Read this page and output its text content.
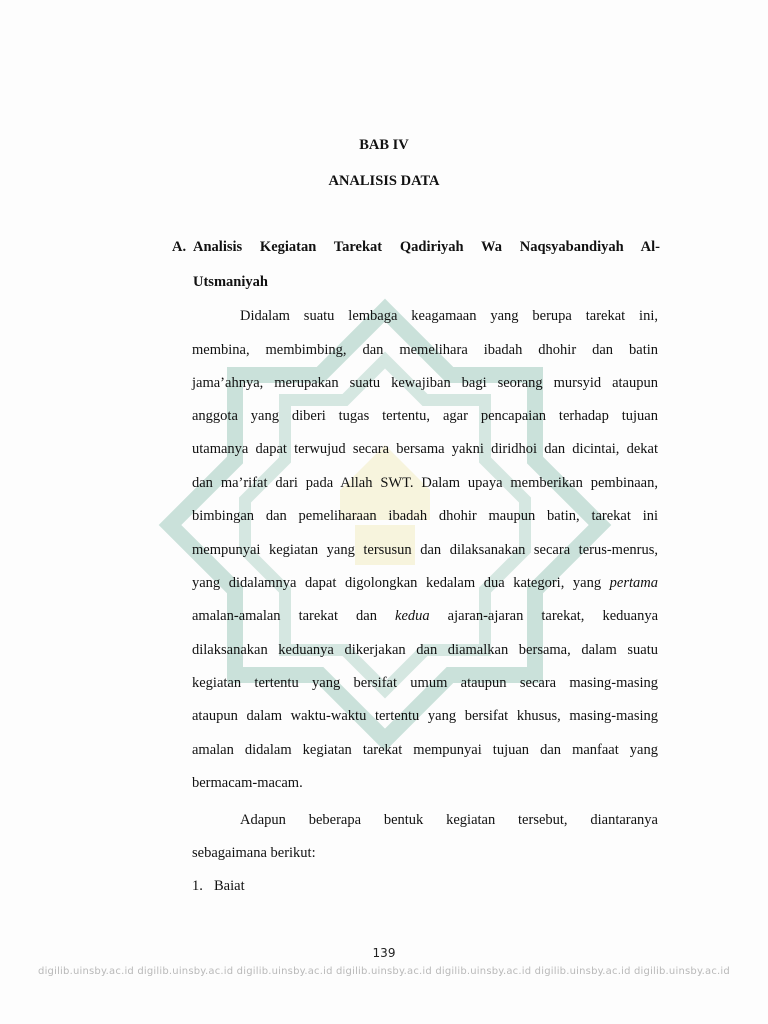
BAB IV
ANALISIS DATA
A. Analisis Kegiatan Tarekat Qadiriyah Wa Naqsyabandiyah Al-
Utsmaniyah
Didalam suatu lembaga keagamaan yang berupa tarekat ini,
membina, membimbing, dan memelihara ibadah dhohir dan batin
jama’ahnya, merupakan suatu kewajiban bagi seorang mursyid ataupun
anggota yang diberi tugas tertentu, agar pencapaian terhadap tujuan
utamanya dapat terwujud secara bersama yakni diridhoi dan dicintai, dekat
dan ma’rifat dari pada Allah SWT. Dalam upaya memberikan pembinaan,
bimbingan dan pemeliharaan ibadah dhohir maupun batin, tarekat ini
mempunyai kegiatan yang tersusun dan dilaksanakan secara terus-menrus,
yang didalamnya dapat digolongkan kedalam dua kategori, yang pertama
amalan-amalan tarekat dan kedua ajaran-ajaran tarekat, keduanya
dilaksanakan keduanya dikerjakan dan diamalkan bersama, dalam suatu
kegiatan tertentu yang bersifat umum ataupun secara masing-masing
ataupun dalam waktu-waktu tertentu yang bersifat khusus, masing-masing
amalan didalam kegiatan tarekat mempunyai tujuan dan manfaat yang
bermacam-macam.
Adapun beberapa bentuk kegiatan tersebut, diantaranya
sebagaimana berikut:
1. Baiat
139
digilib.uinsby.ac.id digilib.uinsby.ac.id digilib.uinsby.ac.id digilib.uinsby.ac.id digilib.uinsby.ac.id digilib.uinsby.ac.id digilib.uinsby.ac.id
